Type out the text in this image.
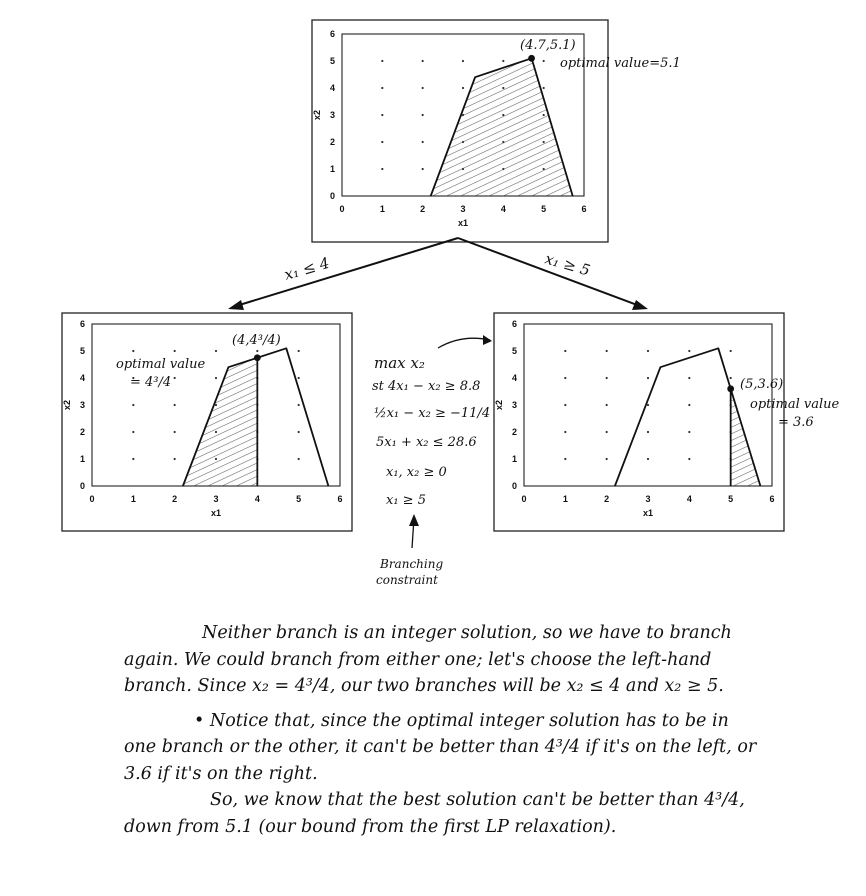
0	1	2	3	4	5	6
0
1
2
3
4
5
6
x1
x2
(4.7,5.1)
optimal value=5.1
0	1	2	3	4	5	6
0
1
2
3
4
5
6
x1
x2
(4,4³/4)
optimal value
= 4³/4
0	1	2	3	4	5	6
0
1
2
3
4
5
6
x1
x2
(5,3.6)
optimal value
= 3.6
x₁ ≤ 4	x₁ ≥ 5
max x₂
st 4x₁ − x₂ ≥ 8.8
½x₁ − x₂ ≥ −11/4
5x₁ + x₂ ≤ 28.6
x₁, x₂ ≥ 0
x₁ ≥ 5
Branching
constraint

Neither branch is an integer solution, so we have to branch again. We could branch from either one; let's choose the left-hand branch. Since x₂ = 4³/4, our two branches will be x₂ ≤ 4 and x₂ ≥ 5.

• Notice that, since the optimal integer solution has to be in one branch or the other, it can't be better than 4³/4 if it's on the left, or 3.6 if it's on the right.

So, we know that the best solution can't be better than 4³/4, down from 5.1 (our bound from the first LP relaxation).
